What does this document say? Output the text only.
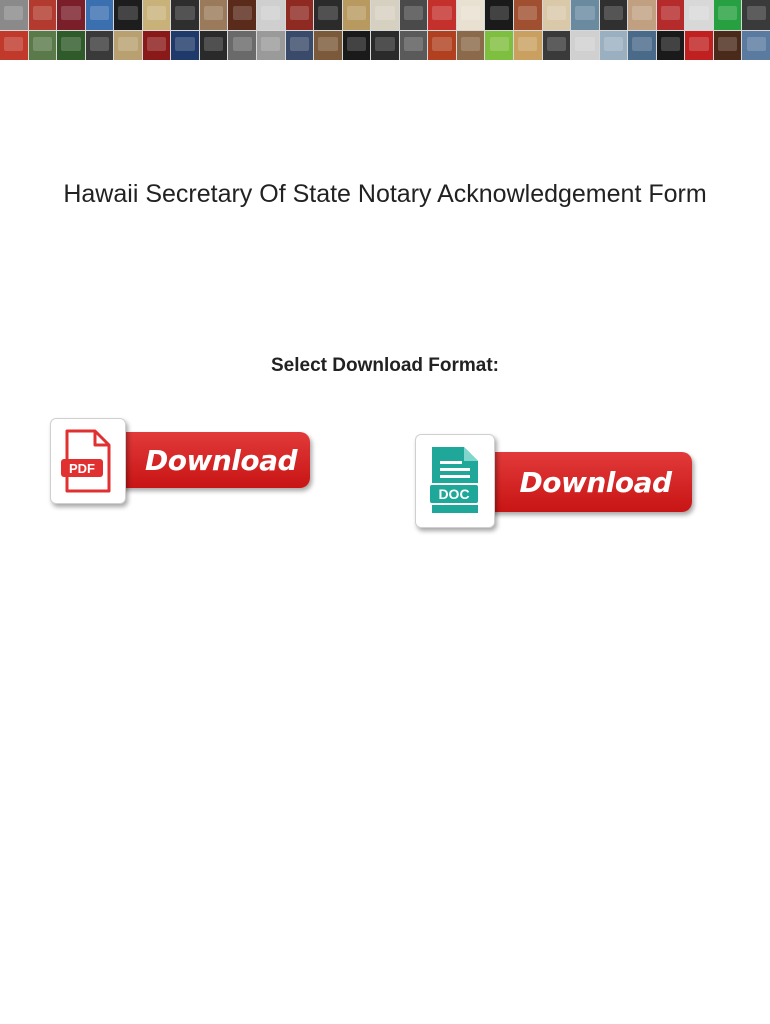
Hawaii Secretary Of State Notary Acknowledgement Form
Select Download Format:
PDF	Download
DOC	Download
